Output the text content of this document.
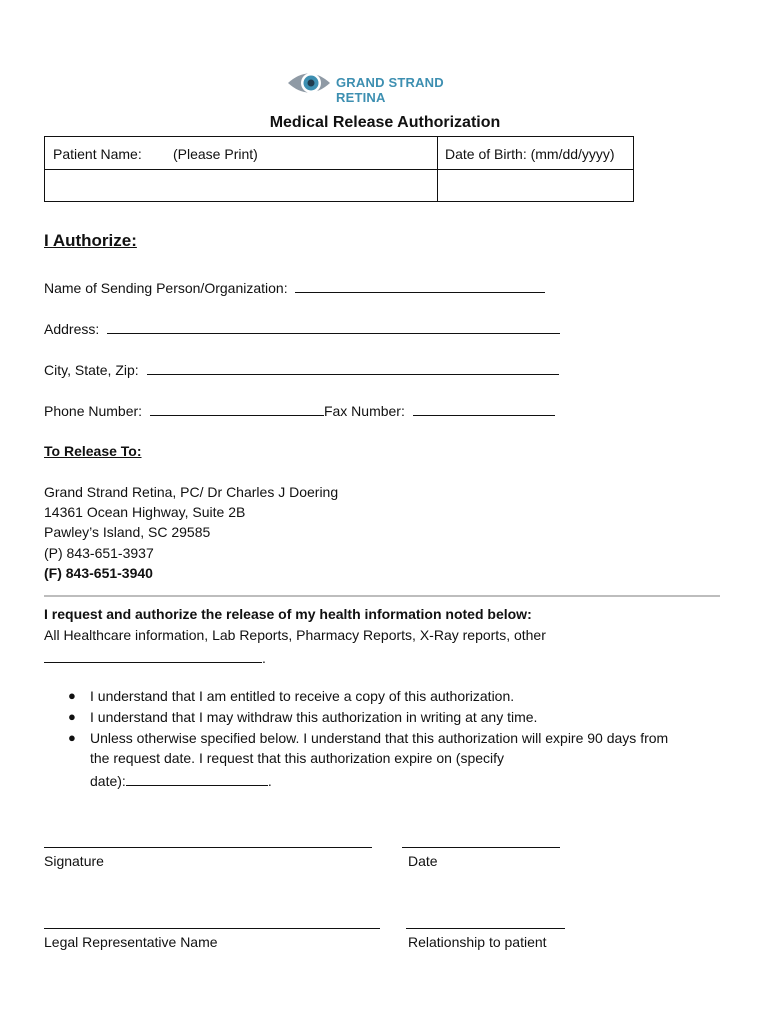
GRAND STRAND RETINA
Medical Release Authorization
Patient Name: (Please Print)	Date of Birth: (mm/dd/yyyy)
I Authorize:
Name of Sending Person/Organization:
Address:
City, State, Zip:
Phone Number:	Fax Number:
To Release To:
Grand Strand Retina, PC/ Dr Charles J Doering
14361 Ocean Highway, Suite 2B
Pawley’s Island, SC 29585
(P) 843-651-3937
(F) 843-651-3940
I request and authorize the release of my health information noted below:
All Healthcare information, Lab Reports, Pharmacy Reports, X-Ray reports, other
.
● I understand that I am entitled to receive a copy of this authorization.
● I understand that I may withdraw this authorization in writing at any time.
● Unless otherwise specified below. I understand that this authorization will expire 90 days from
the request date. I request that this authorization expire on (specify
date):	.
Signature	Date
Legal Representative Name	Relationship to patient
